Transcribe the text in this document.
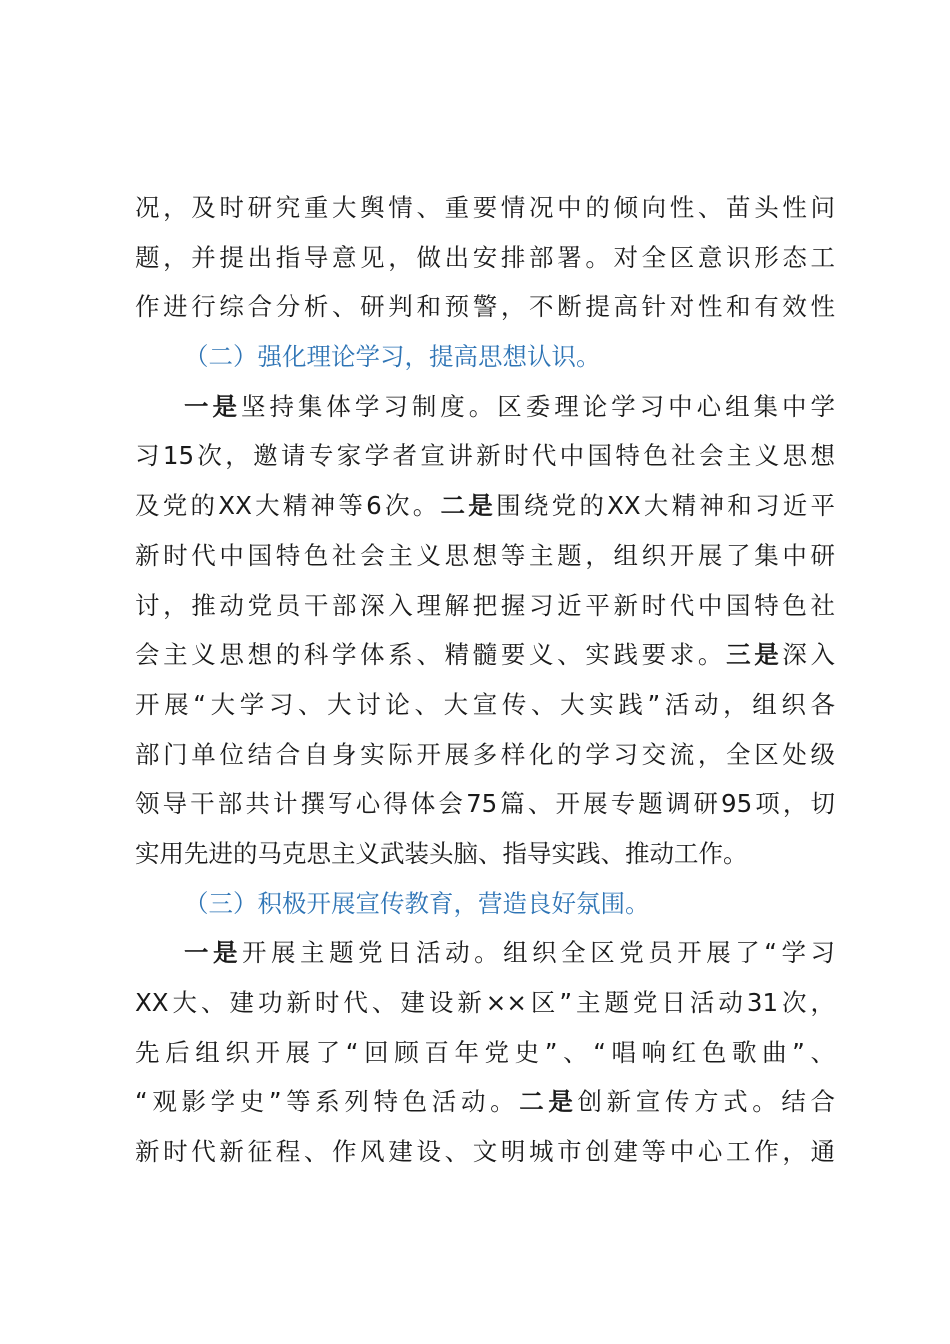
况，及时研究重大舆情、重要情况中的倾向性、苗头性问
题，并提出指导意见，做出安排部署。对全区意识形态工
作进行综合分析、研判和预警，不断提高针对性和有效性
（二）强化理论学习，提高思想认识。
一是坚持集体学习制度。区委理论学习中心组集中学
习15次，邀请专家学者宣讲新时代中国特色社会主义思想
及党的XX大精神等6次。二是围绕党的XX大精神和习近平
新时代中国特色社会主义思想等主题，组织开展了集中研
讨，推动党员干部深入理解把握习近平新时代中国特色社
会主义思想的科学体系、精髓要义、实践要求。三是深入
开展“大学习、大讨论、大宣传、大实践”活动，组织各
部门单位结合自身实际开展多样化的学习交流，全区处级
领导干部共计撰写心得体会75篇、开展专题调研95项，切
实用先进的马克思主义武装头脑、指导实践、推动工作。
（三）积极开展宣传教育，营造良好氛围。
一是开展主题党日活动。组织全区党员开展了“学习
XX大、建功新时代、建设新××区”主题党日活动31次，
先后组织开展了“回顾百年党史”、“唱响红色歌曲”、
“观影学史”等系列特色活动。二是创新宣传方式。结合
新时代新征程、作风建设、文明城市创建等中心工作，通
